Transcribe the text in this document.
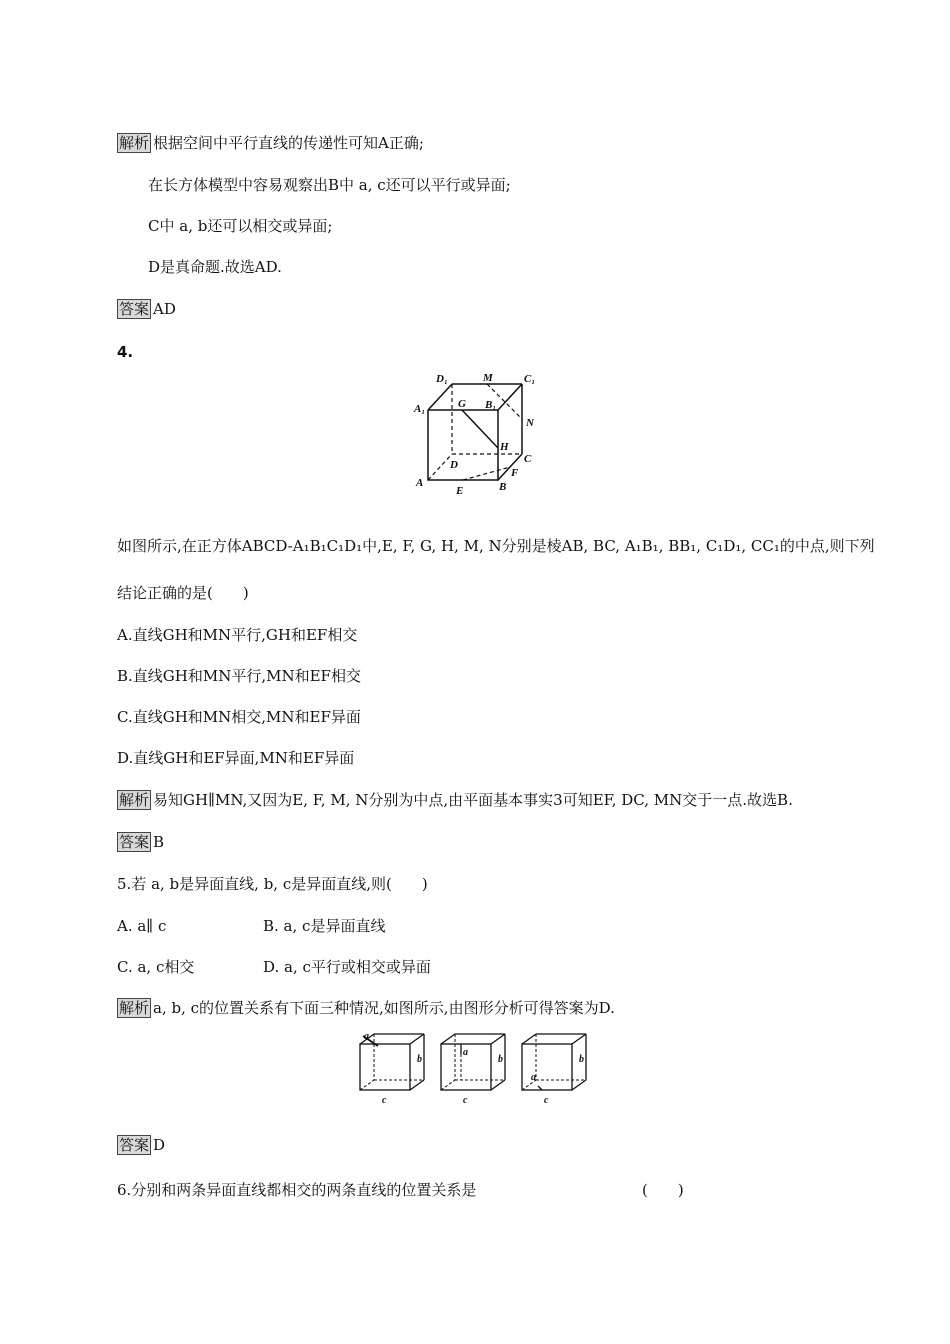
解析 根据空间中平行直线的传递性可知A正确;
在长方体模型中容易观察出B中 a, c还可以平行或异面;
C中 a, b还可以相交或异面;
D是真命题.故选AD.
答案 AD
4.
D₁	M	C₁
A₁	G B₁
N
H
D	C
F
A
E	B
如图所示,在正方体ABCD-A₁B₁C₁D₁中,E, F, G, H, M, N分别是棱AB, BC, A₁B₁, BB₁, C₁D₁, CC₁的中点,则下列
结论正确的是(　　)
A.直线GH和MN平行,GH和EF相交
B.直线GH和MN平行,MN和EF相交
C.直线GH和MN相交,MN和EF异面
D.直线GH和EF异面,MN和EF异面
解析 易知GH∥MN,又因为E, F, M, N分别为中点,由平面基本事实3可知EF, DC, MN交于一点.故选B.
答案 B
5.若 a, b是异面直线, b, c是异面直线,则(　　)
A. a∥ c	B. a, c是异面直线
C. a, c相交	D. a, c平行或相交或异面
解析 a, b, c的位置关系有下面三种情况,如图所示,由图形分析可得答案为D.
a
b
c
a
b
c
a
b
c
答案 D
6.分别和两条异面直线都相交的两条直线的位置关系是	(　　)
